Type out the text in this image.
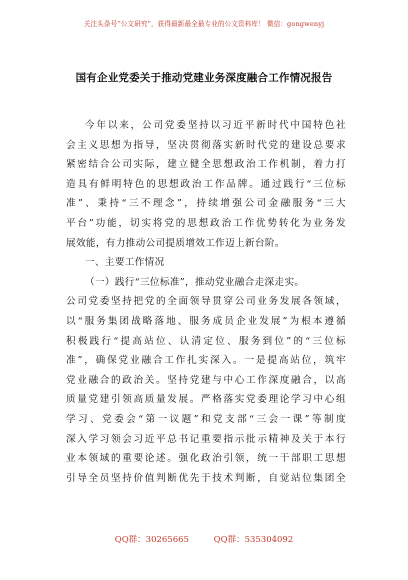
关注头条号“公文研究”，获得最新最全最专业的公文资料库！ 微信：gongwenyj
国有企业党委关于推动党建业务深度融合工作情况报告
今年以来，公司党委坚持以习近平新时代中国特色社
会主义思想为指导，坚决贯彻落实新时代党的建设总要求
紧密结合公司实际，建立健全思想政治工作机制，着力打
造具有鲜明特色的思想政治工作品牌。通过践行“三位标
准”、秉持“三不理念”，持续增强公司金融服务“三大
平台”功能，切实将党的思想政治工作优势转化为业务发
展效能，有力推动公司提质增效工作迈上新台阶。
一、主要工作情况
（一）践行“三位标准”，推动党业融合走深走实。
公司党委坚持把党的全面领导贯穿公司业务发展各领域，
以“服务集团战略落地、服务成员企业发展”为根本遵循
积极践行“提高站位、认清定位、服务到位”的“三位标
准”，确保党业融合工作扎实深入。一是提高站位，筑牢
党业融合的政治关。坚持党建与中心工作深度融合，以高
质量党建引领高质量发展。严格落实党委理论学习中心组
学习、党委会“第一议题”和党支部“三会一课”等制度
深入学习领会习近平总书记重要指示批示精神及关于本行
业本领域的重要论述。强化政治引领，统一干部职工思想
引导全员坚持价值判断优先于技术判断，自觉站位集团全
QQ群：30265665	QQ群：535304092
